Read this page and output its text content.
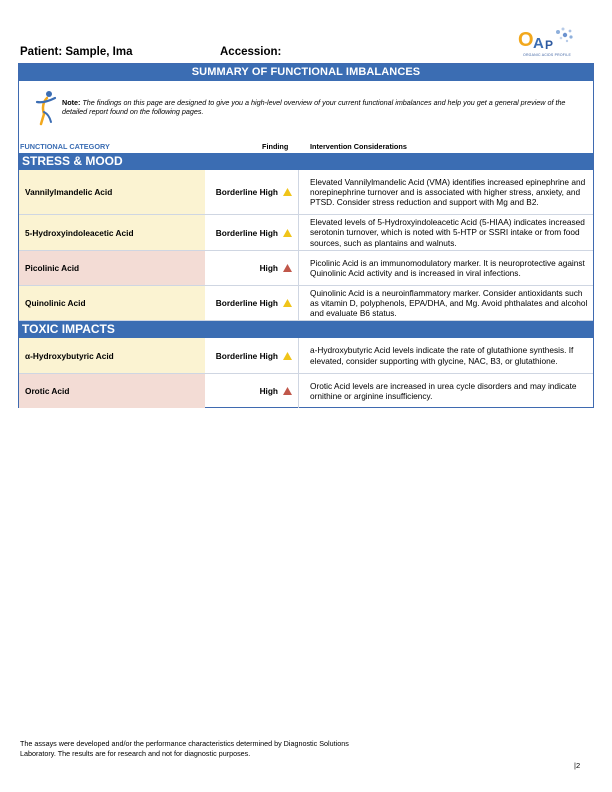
Patient: Sample, Ima	Accession:
O A P
ORGANIC ACIDS PROFILE
SUMMARY OF FUNCTIONAL IMBALANCES
Note: The findings on this page are designed to give you a high-level overview of your current functional imbalances and help you get a general preview of the detailed report found on the following pages.
FUNCTIONAL CATEGORY	Finding	Intervention Considerations
STRESS & MOOD
Vannilylmandelic Acid	Borderline High
Elevated Vannilylmandelic Acid (VMA) identifies increased epinephrine and norepinephrine turnover and is associated with higher stress, anxiety, and PTSD. Consider stress reduction and support with Mg and B2.
5-Hydroxyindoleacetic Acid	Borderline High
Elevated levels of 5-Hydroxyindoleacetic Acid (5-HIAA) indicates increased serotonin turnover, which is noted with 5-HTP or SSRI intake or from food sources, such as plantains and walnuts.
Picolinic Acid	High
Picolinic Acid is an immunomodulatory marker. It is neuroprotective against Quinolinic Acid activity and is increased in viral infections.
Quinolinic Acid	Borderline High
Quinolinic Acid is a neuroinflammatory marker. Consider antioxidants such as vitamin D, polyphenols, EPA/DHA, and Mg. Avoid phthalates and alcohol and evaluate B6 status.
TOXIC IMPACTS
α-Hydroxybutyric Acid	Borderline High
a-Hydroxybutyric Acid levels indicate the rate of glutathione synthesis. If elevated, consider supporting with glycine, NAC, B3, or glutathione.
Orotic Acid	High
Orotic Acid levels are increased in urea cycle disorders and may indicate ornithine or arginine insufficiency.
The assays were developed and/or the performance characteristics determined by Diagnostic Solutions Laboratory. The results are for research and not for diagnostic purposes.
|2
